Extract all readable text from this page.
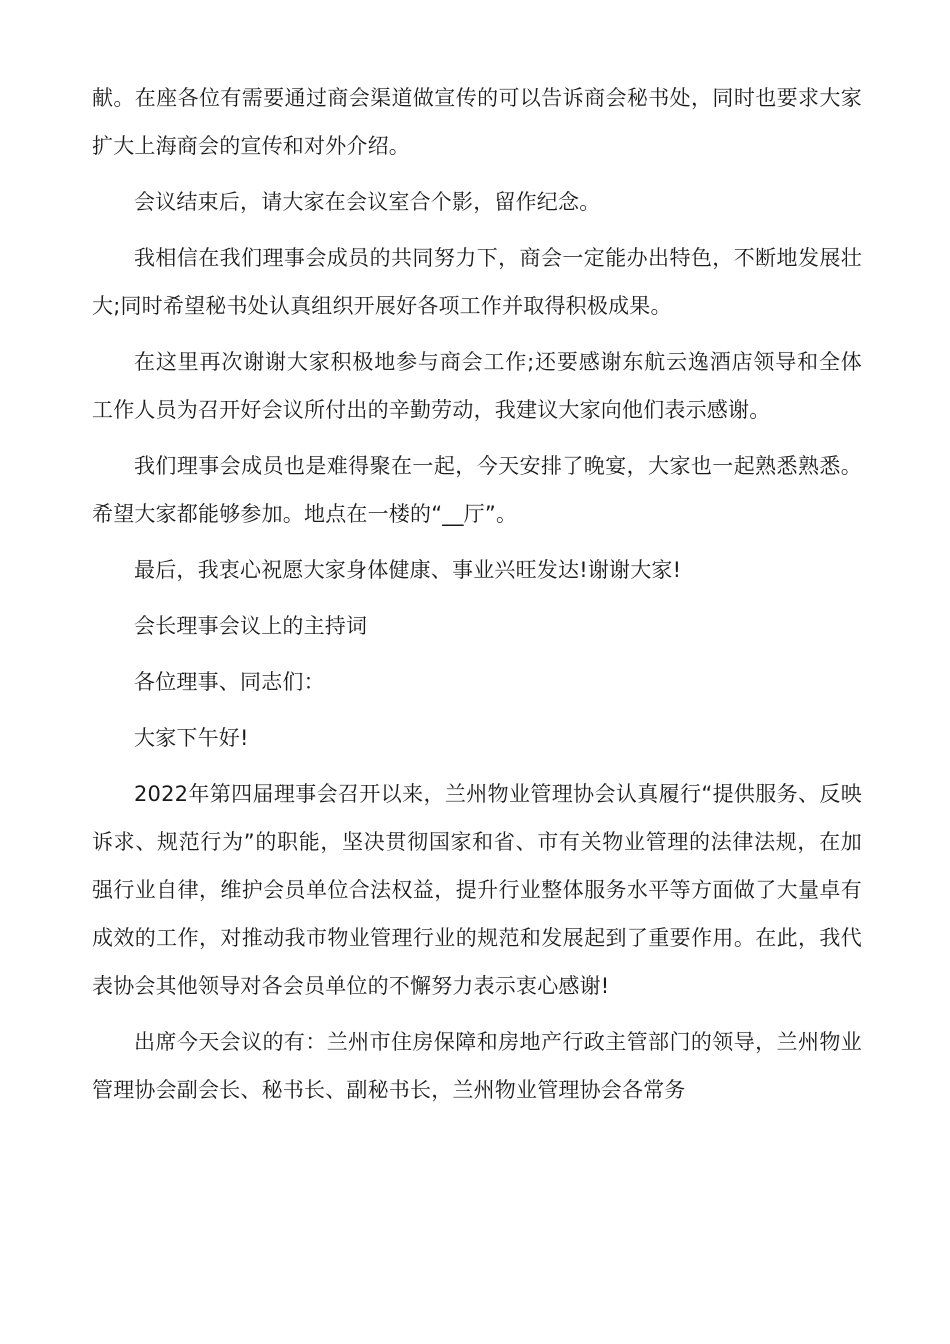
献。在座各位有需要通过商会渠道做宣传的可以告诉商会秘书处，同时也要求大家扩大上海商会的宣传和对外介绍。

会议结束后，请大家在会议室合个影，留作纪念。

我相信在我们理事会成员的共同努力下，商会一定能办出特色，不断地发展壮大;同时希望秘书处认真组织开展好各项工作并取得积极成果。

在这里再次谢谢大家积极地参与商会工作;还要感谢东航云逸酒店领导和全体工作人员为召开好会议所付出的辛勤劳动，我建议大家向他们表示感谢。

我们理事会成员也是难得聚在一起，今天安排了晚宴，大家也一起熟悉熟悉。希望大家都能够参加。地点在一楼的“__厅”。

最后，我衷心祝愿大家身体健康、事业兴旺发达!谢谢大家!

会长理事会议上的主持词

各位理事、同志们：

大家下午好!

2022年第四届理事会召开以来，兰州物业管理协会认真履行“提供服务、反映诉求、规范行为”的职能，坚决贯彻国家和省、市有关物业管理的法律法规，在加强行业自律，维护会员单位合法权益，提升行业整体服务水平等方面做了大量卓有成效的工作，对推动我市物业管理行业的规范和发展起到了重要作用。在此，我代表协会其他领导对各会员单位的不懈努力表示衷心感谢!

出席今天会议的有：兰州市住房保障和房地产行政主管部门的领导，兰州物业管理协会副会长、秘书长、副秘书长，兰州物业管理协会各常务
